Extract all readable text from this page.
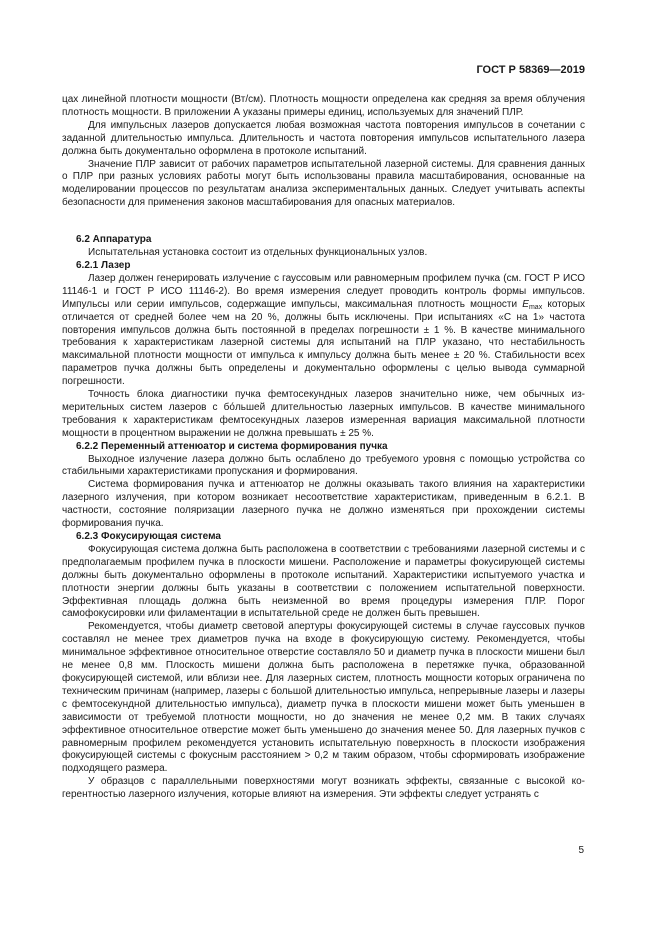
ГОСТ Р 58369—2019

цах линейной плотности мощности (Вт/см). Плотность мощности определена как средняя за время облучения плотность мощности. В приложении А указаны примеры единиц, используемых для значений ПЛР.

Для импульсных лазеров допускается любая возможная частота повторения импульсов в сочетании с заданной длительностью импульса. Длительность и частота повторения импульсов испытательного лазера должна быть документально оформлена в протоколе испытаний.

Значение ПЛР зависит от рабочих параметров испытательной лазерной системы. Для сравнения данных о ПЛР при разных условиях работы могут быть использованы правила масштабирования, основанные на моделировании процессов по результатам анализа экспериментальных данных. Следует учитывать аспекты безопасности для применения законов масштабирования для опасных материалов.

6.2 Аппаратура

Испытательная установка состоит из отдельных функциональных узлов.

6.2.1 Лазер

Лазер должен генерировать излучение с гауссовым или равномерным профилем пучка (см. ГОСТ Р ИСО 11146-1 и ГОСТ Р ИСО 11146-2). Во время измерения следует проводить контроль формы импульсов. Импульсы или серии импульсов, содержащие импульсы, максимальная плотность мощности $E_{max}$ которых отличается от средней более чем на 20 %, должны быть исключены. При испытаниях «С на 1» частота повторения импульсов должна быть постоянной в пределах погрешности ± 1 %. В качестве минимального требования к характеристикам лазерной системы для испытаний на ПЛР указано, что нестабильность максимальной плотности мощности от импульса к импульсу должна быть менее ± 20 %. Стабильности всех параметров пучка должны быть определены и документально оформлены с целью вывода суммарной погрешности.

Точность блока диагностики пучка фемтосекундных лазеров значительно ниже, чем обычных измерительных систем лазеров с бо́льшей длительностью лазерных импульсов. В качестве минимального требования к характеристикам фемтосекундных лазеров измеренная вариация максимальной плотности мощности в процентном выражении не должна превышать ± 25 %.

6.2.2 Переменный аттенюатор и система формирования пучка

Выходное излучение лазера должно быть ослаблено до требуемого уровня с помощью устройства со стабильными характеристиками пропускания и формирования.

Система формирования пучка и аттенюатор не должны оказывать такого влияния на характеристики лазерного излучения, при котором возникает несоответствие характеристикам, приведенным в 6.2.1. В частности, состояние поляризации лазерного пучка не должно изменяться при прохождении системы формирования пучка.

6.2.3 Фокусирующая система

Фокусирующая система должна быть расположена в соответствии с требованиями лазерной системы и с предполагаемым профилем пучка в плоскости мишени. Расположение и параметры фокусирующей системы должны быть документально оформлены в протоколе испытаний. Характеристики испытуемого участка и плотности энергии должны быть указаны в соответствии с положением испытательной поверхности. Эффективная площадь должна быть неизменной во время процедуры измерения ПЛР. Порог самофокусировки или филаментации в испытательной среде не должен быть превышен.

Рекомендуется, чтобы диаметр световой апертуры фокусирующей системы в случае гауссовых пучков составлял не менее трех диаметров пучка на входе в фокусирующую систему. Рекомендуется, чтобы минимальное эффективное относительное отверстие составляло 50 и диаметр пучка в плоскости мишени был не менее 0,8 мм. Плоскость мишени должна быть расположена в перетяжке пучка, образованной фокусирующей системой, или вблизи нее. Для лазерных систем, плотность мощности которых ограничена по техническим причинам (например, лазеры с большой длительностью импульса, непрерывные лазеры и лазеры с фемтосекундной длительностью импульса), диаметр пучка в плоскости мишени может быть уменьшен в зависимости от требуемой плотности мощности, но до значения не менее 0,2 мм. В таких случаях эффективное относительное отверстие может быть уменьшено до значения менее 50. Для лазерных пучков с равномерным профилем рекомендуется установить испытательную поверхность в плоскости изображения фокусирующей системы с фокусным расстоянием > 0,2 м таким образом, чтобы сформировать изображение подходящего размера.

У образцов с параллельными поверхностями могут возникать эффекты, связанные с высокой когерентностью лазерного излучения, которые влияют на измерения. Эти эффекты следует устранять с

5
